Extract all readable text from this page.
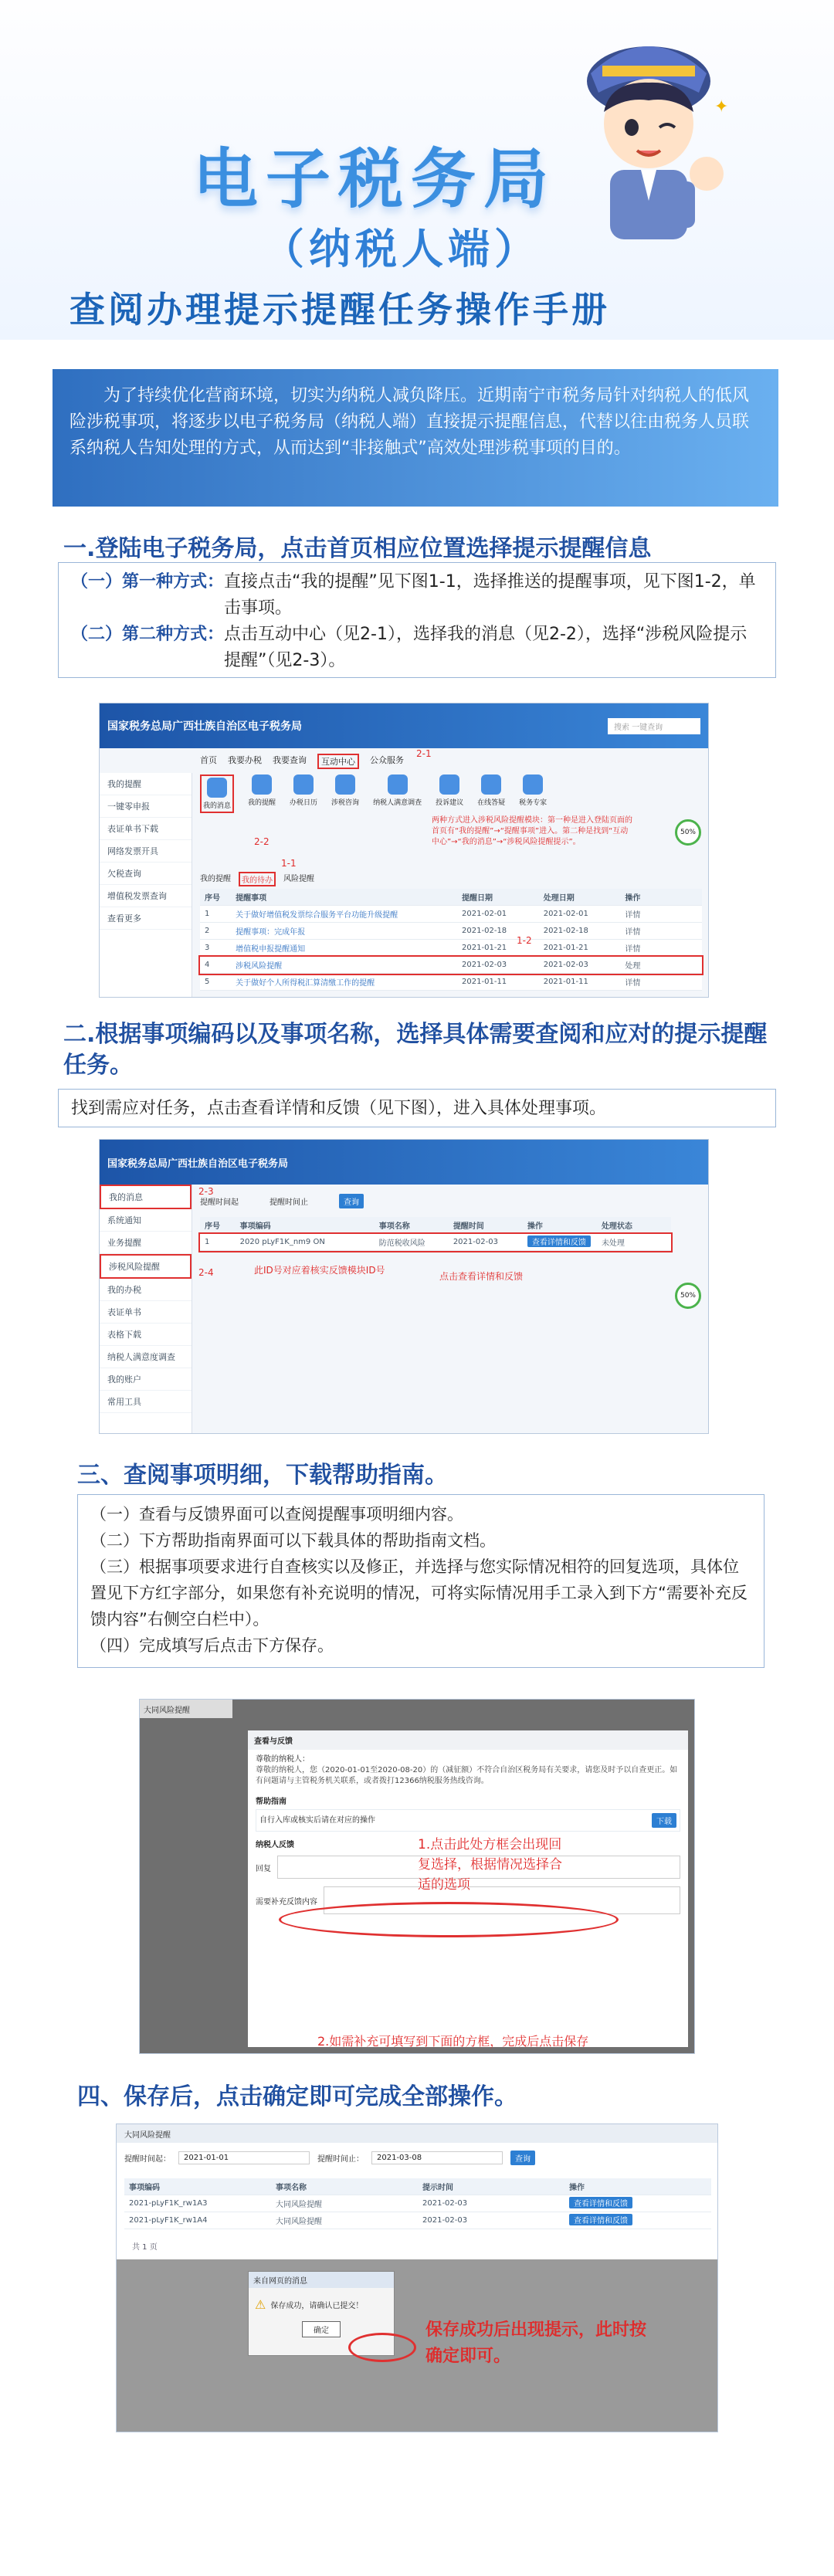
电子税务局
（纳税人端）
查阅办理提示提醒任务操作手册
✦
为了持续优化营商环境，切实为纳税人减负降压。近期南宁市税务局针对纳税人的低风险涉税事项，将逐步以电子税务局（纳税人端）直接提示提醒信息，代替以往由税务人员联系纳税人告知处理的方式，从而达到“非接触式”高效处理涉税事项的目的。
一.登陆电子税务局，点击首页相应位置选择提示提醒信息
（一）第一种方式： 直接点击“我的提醒”见下图1-1，选择推送的提醒事项，见下图1-2，单击事项。
（二）第二种方式： 点击互动中心（见2-1），选择我的消息（见2-2），选择“涉税风险提示提醒”（见2-3）。
国家税务总局广西壮族自治区电子税务局	搜索 一键查询
首页 我要办税 我要查询	互动中心	公众服务
2-1
我的提醒
一键零申报
表证单书下载
网络发票开具
欠税查询
增值税发票查询
查看更多
我的消息 我的提醒 办税日历 涉税咨询 纳税人满意调查 投诉建议 在线答疑 税务专家
2-2
两种方式进入涉税风险提醒模块：第一种是进入登陆页面的首页有“我的提醒”→“提醒事项”进入。第二种是找到“互动中心”→“我的消息”→“涉税风险提醒提示”。
我的提醒	我的待办	风险提醒
1-1
序号	提醒事项	提醒日期	处理日期	操作
1	关于做好增值税发票综合服务平台功能升级提醒	2021-02-01	2021-02-01	详情
2	提醒事项：完成年报	2021-02-18	2021-02-18	详情
3	增值税申报提醒通知	2021-01-21	2021-01-21	详情
4	涉税风险提醒	2021-02-03	2021-02-03	处理
5	关于做好个人所得税汇算清缴工作的提醒	2021-01-11	2021-01-11	详情
1-2
50%
二.根据事项编码以及事项名称，选择具体需要查阅和应对的提示提醒任务。
找到需应对任务，点击查看详情和反馈（见下图），进入具体处理事项。
国家税务总局广西壮族自治区电子税务局
我的消息
系统通知
业务提醒
涉税风险提醒
我的办税
表证单书
表格下载
纳税人满意度调查
我的账户
常用工具
2-3
2-4
提醒时间起	提醒时间止	查询
序号	事项编码	事项名称	提醒时间	操作	处理状态
1	2020 pLyF1K_nm9 ON	防范税收风险	2021-02-03	查看详情和反馈	未处理
此ID号对应着核实反馈模块ID号
点击查看详情和反馈
50%
三、查阅事项明细，下载帮助指南。
（一）查看与反馈界面可以查阅提醒事项明细内容。
（二）下方帮助指南界面可以下载具体的帮助指南文档。
（三）根据事项要求进行自查核实以及修正，并选择与您实际情况相符的回复选项，具体位置见下方红字部分，如果您有补充说明的情况，可将实际情况用手工录入到下方“需要补充反馈内容”右侧空白栏中）。
（四）完成填写后点击下方保存。
大同风险提醒
查看与反馈
尊敬的纳税人：
尊敬的纳税人，您（2020-01-01至2020-08-20）的（减征额）不符合自治区税务局有关要求，请您及时予以自查更正。如有问题请与主管税务机关联系，或者拨打12366纳税服务热线咨询。
帮助指南
自行入库或核实后请在对应的操作	下载
纳税人反馈
回复
需要补充反馈内容
1.点击此处方框会出现回复选择，根据情况选择合适的选项
2.如需补充可填写到下面的方框，完成后点击保存
四、保存后，点击确定即可完成全部操作。
大同风险提醒
提醒时间起：	2021-01-01	提醒时间止：	2021-03-08	查询
事项编码	事项名称	提示时间	操作
2021-pLyF1K_rw1A3	大同风险提醒	2021-02-03	查看详情和反馈
2021-pLyF1K_rw1A4	大同风险提醒	2021-02-03	查看详情和反馈
共 1 页
来自网页的消息
⚠ 保存成功，请确认已提交！
确定	保存成功后出现提示，此时按确定即可。
